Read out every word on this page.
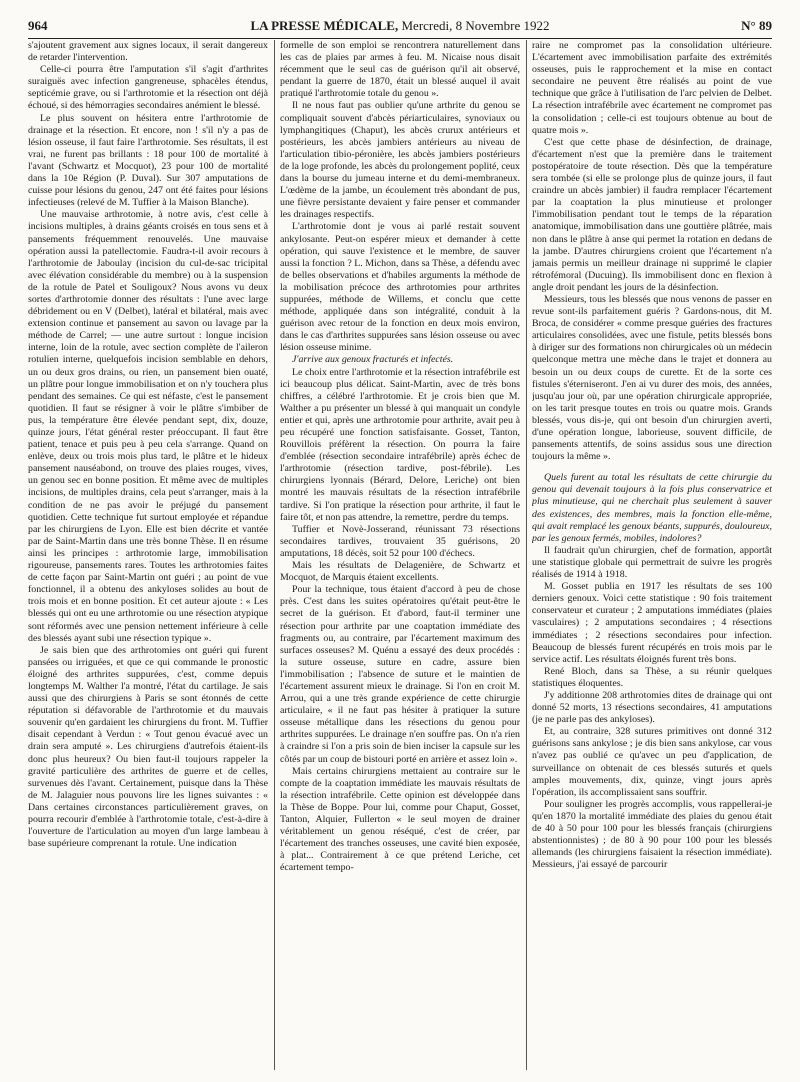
964	LA PRESSE MÉDICALE, Mercredi, 8 Novembre 1922	N° 89

s'ajoutent gravement aux signes locaux, il serait dangereux de retarder l'intervention.

Celle-ci pourra être l'amputation s'il s'agit d'arthrites suraiguës avec infection gangreneuse, sphacèles étendus, septicémie grave, ou si l'arthrotomie et la résection ont déjà échoué, si des hémorragies secondaires anémient le blessé.

Le plus souvent on hésitera entre l'arthrotomie de drainage et la résection. Et encore, non ! s'il n'y a pas de lésion osseuse, il faut faire l'arthrotomie. Ses résultats, il est vrai, ne furent pas brillants : 18 pour 100 de mortalité à l'avant (Schwartz et Mocquot), 23 pour 100 de mortalité dans la 10e Région (P. Duval). Sur 307 amputations de cuisse pour lésions du genou, 247 ont été faites pour lésions infectieuses (relevé de M. Tuffier à la Maison Blanche).

Une mauvaise arthrotomie, à notre avis, c'est celle à incisions multiples, à drains géants croisés en tous sens et à pansements fréquemment renouvelés. Une mauvaise opération aussi la patellectomie. Faudra-t-il avoir recours à l'arthrotomie de Jaboulay (incision du cul-de-sac tricipital avec élévation considérable du membre) ou à la suspension de la rotule de Patel et Souligoux? Nous avons vu deux sortes d'arthrotomie donner des résultats : l'une avec large débridement ou en V (Delbet), latéral et bilatéral, mais avec extension continue et pansement au savon ou lavage par la méthode de Carrel; — une autre surtout : longue incision interne, loin de la rotule, avec section complète de l'aileron rotulien interne, quelquefois incision semblable en dehors, un ou deux gros drains, ou rien, un pansement bien ouaté, un plâtre pour longue immobilisation et on n'y touchera plus pendant des semaines. Ce qui est néfaste, c'est le pansement quotidien. Il faut se résigner à voir le plâtre s'imbiber de pus, la température être élevée pendant sept, dix, douze, quinze jours, l'état général rester préoccupant. Il faut être patient, tenace et puis peu à peu cela s'arrange. Quand on enlève, deux ou trois mois plus tard, le plâtre et le hideux pansement nauséabond, on trouve des plaies rouges, vives, un genou sec en bonne position. Et même avec de multiples incisions, de multiples drains, cela peut s'arranger, mais à la condition de ne pas avoir le préjugé du pansement quotidien. Cette technique fut surtout employée et répandue par les chirurgiens de Lyon. Elle est bien décrite et vantée par de Saint-Martin dans une très bonne Thèse. Il en résume ainsi les principes : arthrotomie large, immobilisation rigoureuse, pansements rares. Toutes les arthrotomies faites de cette façon par Saint-Martin ont guéri ; au point de vue fonctionnel, il a obtenu des ankyloses solides au bout de trois mois et en bonne position. Et cet auteur ajoute : « Les blessés qui ont eu une arthrotomie ou une résection atypique sont réformés avec une pension nettement inférieure à celle des blessés ayant subi une résection typique ».

Je sais bien que des arthrotomies ont guéri qui furent pansées ou irriguées, et que ce qui commande le pronostic éloigné des arthrites suppurées, c'est, comme depuis longtemps M. Walther l'a montré, l'état du cartilage. Je sais aussi que des chirurgiens à Paris se sont étonnés de cette réputation si défavorable de l'arthrotomie et du mauvais souvenir qu'en gardaient les chirurgiens du front. M. Tuffier disait cependant à Verdun : « Tout genou évacué avec un drain sera amputé ». Les chirurgiens d'autrefois étaient-ils donc plus heureux? Ou bien faut-il toujours rappeler la gravité particulière des arthrites de guerre et de celles, survenues dès l'avant. Certainement, puisque dans la Thèse de M. Jalaguier nous pouvons lire les lignes suivantes : « Dans certaines circonstances particulièrement graves, on pourra recourir d'emblée à l'arthrotomie totale, c'est-à-dire à l'ouverture de l'articulation au moyen d'un large lambeau à base supérieure comprenant la rotule. Une indication

formelle de son emploi se rencontrera naturellement dans les cas de plaies par armes à feu. M. Nicaise nous disait récemment que le seul cas de guérison qu'il ait observé, pendant la guerre de 1870, était un blessé auquel il avait pratiqué l'arthrotomie totale du genou ».

Il ne nous faut pas oublier qu'une arthrite du genou se compliquait souvent d'abcès périarticulaires, synoviaux ou lymphangitiques (Chaput), les abcès crurux antérieurs et postérieurs, les abcès jambiers antérieurs au niveau de l'articulation tibio-péronière, les abcès jambiers postérieurs de la loge profonde, les abcès du prolongement poplité, ceux dans la bourse du jumeau interne et du demi-membraneux. L'œdème de la jambe, un écoulement très abondant de pus, une fièvre persistante devaient y faire penser et commander les drainages respectifs.

L'arthrotomie dont je vous ai parlé restait souvent ankylosante. Peut-on espérer mieux et demander à cette opération, qui sauve l'existence et le membre, de sauver aussi la fonction ? L. Michon, dans sa Thèse, a défendu avec de belles observations et d'habiles arguments la méthode de la mobilisation précoce des arthrotomies pour arthrites suppurées, méthode de Willems, et conclu que cette méthode, appliquée dans son intégralité, conduit à la guérison avec retour de la fonction en deux mois environ, dans le cas d'arthrites suppurées sans lésion osseuse ou avec lésion osseuse minime.

J'arrive aux genoux fracturés et infectés.

Le choix entre l'arthrotomie et la résection intrafébrile est ici beaucoup plus délicat. Saint-Martin, avec de très bons chiffres, a célébré l'arthrotomie. Et je crois bien que M. Walther a pu présenter un blessé à qui manquait un condyle entier et qui, après une arthrotomie pour arthrite, avait peu à peu récupéré une fonction satisfaisante. Gosset, Tanton, Rouvillois préfèrent la résection. On pourra la faire d'emblée (résection secondaire intrafébrile) après échec de l'arthrotomie (résection tardive, post-fébrile). Les chirurgiens lyonnais (Bérard, Delore, Leriche) ont bien montré les mauvais résultats de la résection intrafébrile tardive. Si l'on pratique la résection pour arthrite, il faut le faire tôt, et non pas attendre, la remettre, perdre du temps.

Tuffier et Novè-Josserand, réunissant 73 résections secondaires tardives, trouvaient 35 guérisons, 20 amputations, 18 décès, soit 52 pour 100 d'échecs.

Mais les résultats de Delagenière, de Schwartz et Mocquot, de Marquis étaient excellents.

Pour la technique, tous étaient d'accord à peu de chose près. C'est dans les suites opératoires qu'était peut-être le secret de la guérison. Et d'abord, faut-il terminer une résection pour arthrite par une coaptation immédiate des fragments ou, au contraire, par l'écartement maximum des surfaces osseuses? M. Quénu a essayé des deux procédés : la suture osseuse, suture en cadre, assure bien l'immobilisation ; l'absence de suture et le maintien de l'écartement assurent mieux le drainage. Si l'on en croit M. Arrou, qui a une très grande expérience de cette chirurgie articulaire, « il ne faut pas hésiter à pratiquer la suture osseuse métallique dans les résections du genou pour arthrites suppurées. Le drainage n'en souffre pas. On n'a rien à craindre si l'on a pris soin de bien inciser la capsule sur les côtés par un coup de bistouri porté en arrière et assez loin ».

Mais certains chirurgiens mettaient au contraire sur le compte de la coaptation immédiate les mauvais résultats de la résection intrafébrile. Cette opinion est développée dans la Thèse de Boppe. Pour lui, comme pour Chaput, Gosset, Tanton, Alquier, Fullerton « le seul moyen de drainer véritablement un genou réséqué, c'est de créer, par l'écartement des tranches osseuses, une cavité bien exposée, à plat... Contrairement à ce que prétend Leriche, cet écartement tempo-

raire ne compromet pas la consolidation ultérieure. L'écartement avec immobilisation parfaite des extrémités osseuses, puis le rapprochement et la mise en contact secondaire ne peuvent être réalisés au point de vue technique que grâce à l'utilisation de l'arc pelvien de Delbet. La résection intrafébrile avec écartement ne compromet pas la consolidation ; celle-ci est toujours obtenue au bout de quatre mois ».

C'est que cette phase de désinfection, de drainage, d'écartement n'est que la première dans le traitement postopératoire de toute résection. Dès que la température sera tombée (si elle se prolonge plus de quinze jours, il faut craindre un abcès jambier) il faudra remplacer l'écartement par la coaptation la plus minutieuse et prolonger l'immobilisation pendant tout le temps de la réparation anatomique, immobilisation dans une gouttière plâtrée, mais non dans le plâtre à anse qui permet la rotation en dedans de la jambe. D'autres chirurgiens croient que l'écartement n'a jamais permis un meilleur drainage ni supprimé le clapier rétrofémoral (Ducuing). Ils immobilisent donc en flexion à angle droit pendant les jours de la désinfection.

Messieurs, tous les blessés que nous venons de passer en revue sont-ils parfaitement guéris ? Gardons-nous, dit M. Broca, de considérer « comme presque guéries des fractures articulaires consolidées, avec une fistule, petits blessés bons à diriger sur des formations non chirurgicales où un médecin quelconque mettra une mèche dans le trajet et donnera au besoin un ou deux coups de curette. Et de la sorte ces fistules s'éterniseront. J'en ai vu durer des mois, des années, jusqu'au jour où, par une opération chirurgicale appropriée, on les tarit presque toutes en trois ou quatre mois. Grands blessés, vous dis-je, qui ont besoin d'un chirurgien averti, d'une opération longue, laborieuse, souvent difficile, de pansements attentifs, de soins assidus sous une direction toujours la même ».

Quels furent au total les résultats de cette chirurgie du genou qui devenait toujours à la fois plus conservatrice et plus minutieuse, qui ne cherchait plus seulement à sauver des existences, des membres, mais la fonction elle-même, qui avait remplacé les genoux béants, suppurés, douloureux, par les genoux fermés, mobiles, indolores?

Il faudrait qu'un chirurgien, chef de formation, apportât une statistique globale qui permettrait de suivre les progrès réalisés de 1914 à 1918.

M. Gosset publia en 1917 les résultats de ses 100 derniers genoux. Voici cette statistique : 90 fois traitement conservateur et curateur ; 2 amputations immédiates (plaies vasculaires) ; 2 amputations secondaires ; 4 résections immédiates ; 2 résections secondaires pour infection. Beaucoup de blessés furent récupérés en trois mois par le service actif. Les résultats éloignés furent très bons.

René Bloch, dans sa Thèse, a su réunir quelques statistiques éloquentes.

J'y additionne 208 arthrotomies dites de drainage qui ont donné 52 morts, 13 résections secondaires, 41 amputations (je ne parle pas des ankyloses).

Et, au contraire, 328 sutures primitives ont donné 312 guérisons sans ankylose ; je dis bien sans ankylose, car vous n'avez pas oublié ce qu'avec un peu d'application, de surveillance on obtenait de ces blessés suturés et quels amples mouvements, dix, quinze, vingt jours après l'opération, ils accomplissaient sans souffrir.

Pour souligner les progrès accomplis, vous rappellerai-je qu'en 1870 la mortalité immédiate des plaies du genou était de 40 à 50 pour 100 pour les blessés français (chirurgiens abstentionnistes) ; de 80 à 90 pour 100 pour les blessés allemands (les chirurgiens faisaient la résection immédiate). Messieurs, j'ai essayé de parcourir
